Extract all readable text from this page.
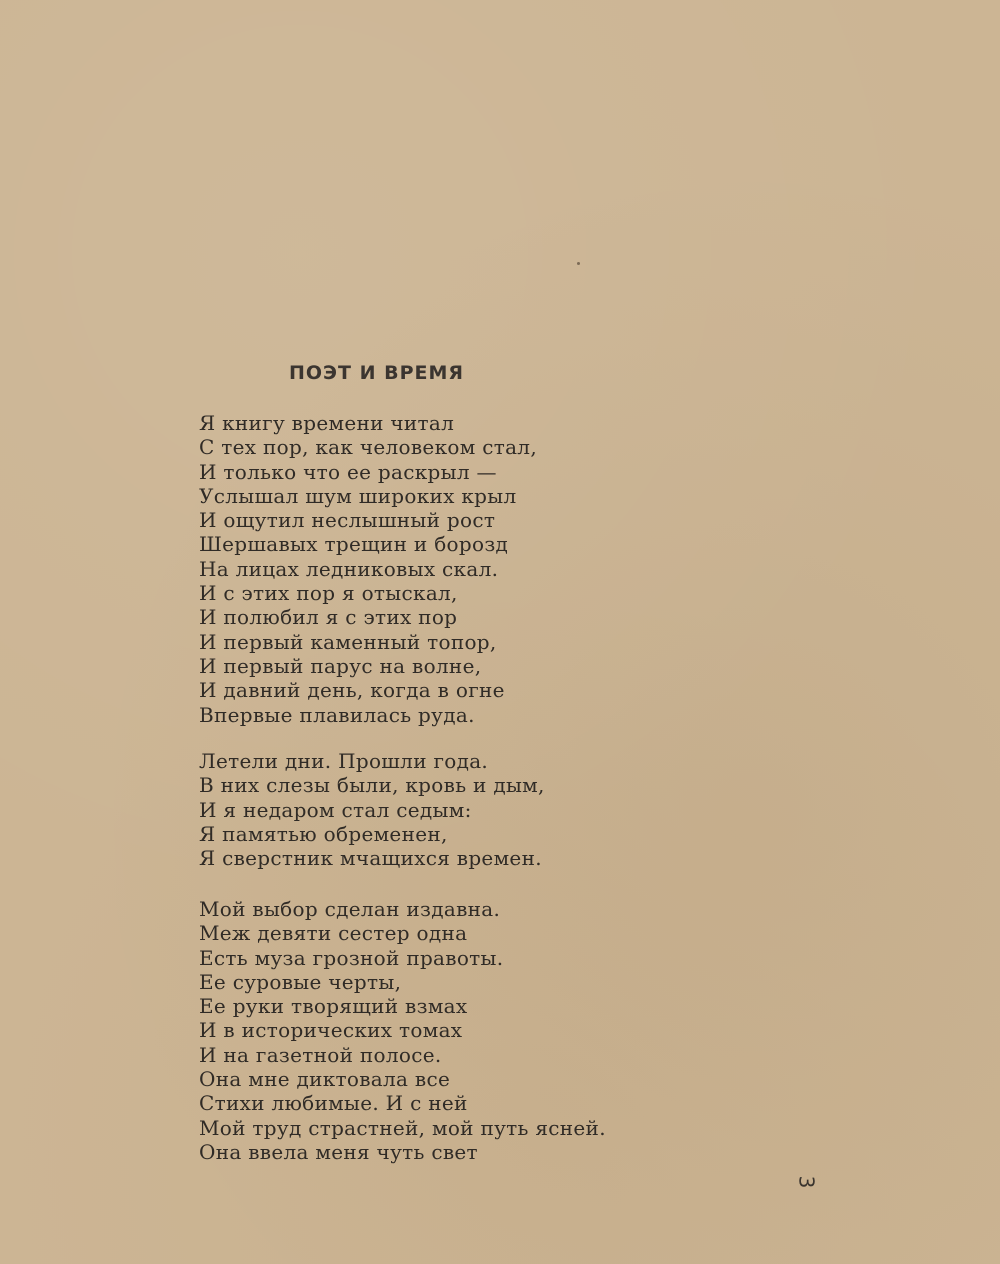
ПОЭТ И ВРЕМЯ
Я книгу времени читал
С тех пор, как человеком стал,
И только что ее раскрыл —
Услышал шум широких крыл
И ощутил неслышный рост
Шершавых трещин и борозд
На лицах ледниковых скал.
И с этих пор я отыскал,
И полюбил я с этих пор
И первый каменный топор,
И первый парус на волне,
И давний день, когда в огне
Впервые плавилась руда.
Летели дни. Прошли года.
В них слезы были, кровь и дым,
И я недаром стал седым:
Я памятью обременен,
Я сверстник мчащихся времен.
Мой выбор сделан издавна.
Меж девяти сестер одна
Есть муза грозной правоты.
Ее суровые черты,
Ее руки творящий взмах
И в исторических томах
И на газетной полосе.
Она мне диктовала все
Стихи любимые. И с ней
Мой труд страстней, мой путь ясней.
Она ввела меня чуть свет
3
